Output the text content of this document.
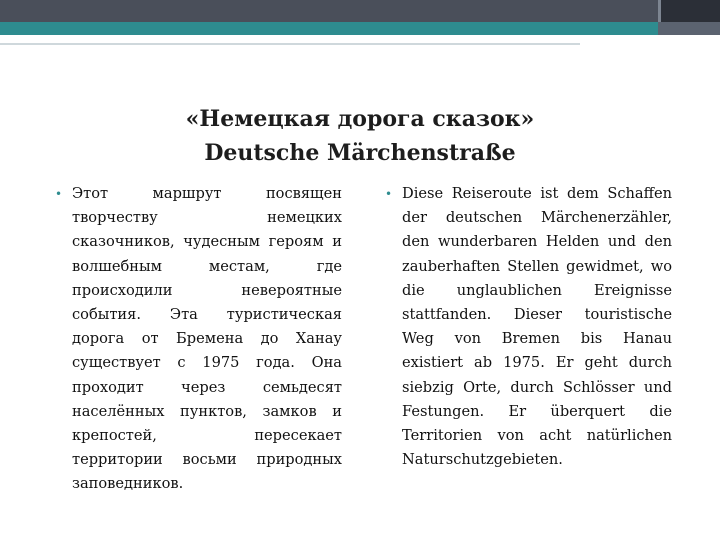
«Немецкая дорога сказок»
Deutsche Märchenstraße
• Этот маршрут посвящен творчеству немецких сказочников, чудесным героям и волшебным местам, где происходили невероятные события. Эта туристическая дорога от Бремена до Ханау существует с 1975 года. Она проходит через семьдесят населённых пунктов, замков и крепостей, пересекает территории восьми природных заповедников.
• Diese Reiseroute ist dem Schaffen der deutschen Märchenerzähler, den wunderbaren Helden und den zauberhaften Stellen gewidmet, wo die unglaublichen Ereignisse stattfanden. Dieser touristische Weg von Bremen bis Hanau existiert ab 1975. Er geht durch siebzig Orte, durch Schlösser und Festungen. Er überquert die Territorien von acht natürlichen Naturschutzgebieten.
